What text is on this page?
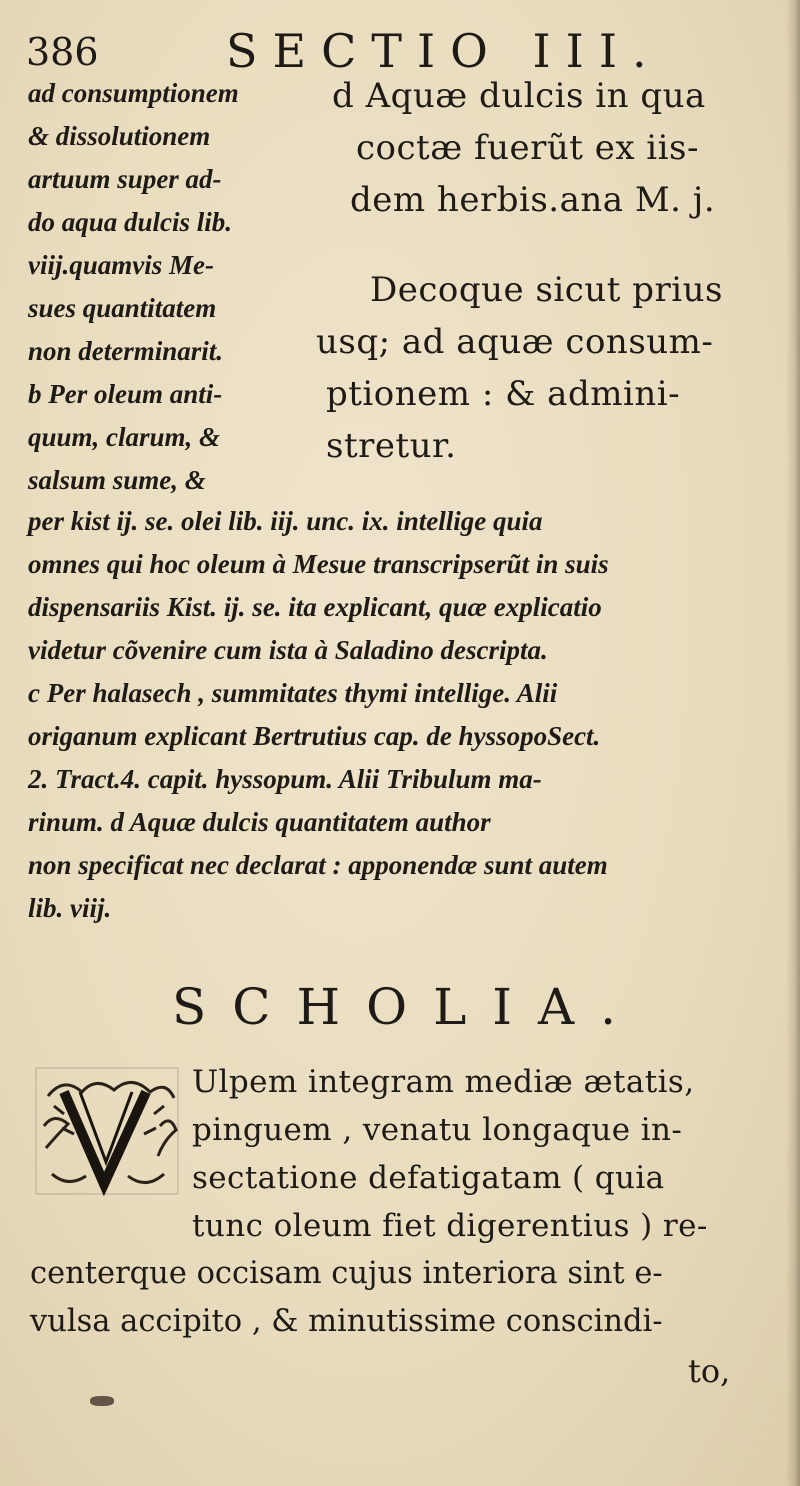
386	SECTIO III.
ad consumptionem
& dissolutionem
artuum super ad-
do aqua dulcis lib.
viij.quamvis Me-
sues quantitatem
non determinarit.
b Per oleum anti-
quum, clarum, &
salsum sume, &
d Aquæ dulcis in qua
coctæ fuerũt ex iis-
dem herbis.ana M. j.
Decoque sicut prius
usq; ad aquæ consum-
ptionem : & admini-
stretur.
per kist ij. se. olei lib. iij. unc. ix. intellige quia
omnes qui hoc oleum à Mesue transcripserũt in suis
dispensariis Kist. ij. se. ita explicant, quæ explicatio
videtur cõvenire cum ista à Saladino descripta.
c Per halasech , summitates thymi intellige. Alii
origanum explicant Bertrutius cap. de hyssopoSect.
2. Tract.4. capit. hyssopum. Alii Tribulum ma-
rinum. d Aquæ dulcis quantitatem author
non specificat nec declarat : apponendæ sunt autem
lib. viij.
SCHOLIA.
V
Ulpem integram mediæ ætatis,
pinguem , venatu longaque in-
sectatione defatigatam ( quia
tunc oleum fiet digerentius ) re-
centerque occisam cujus interiora sint e-
vulsa accipito , & minutissime conscindi-
to,
